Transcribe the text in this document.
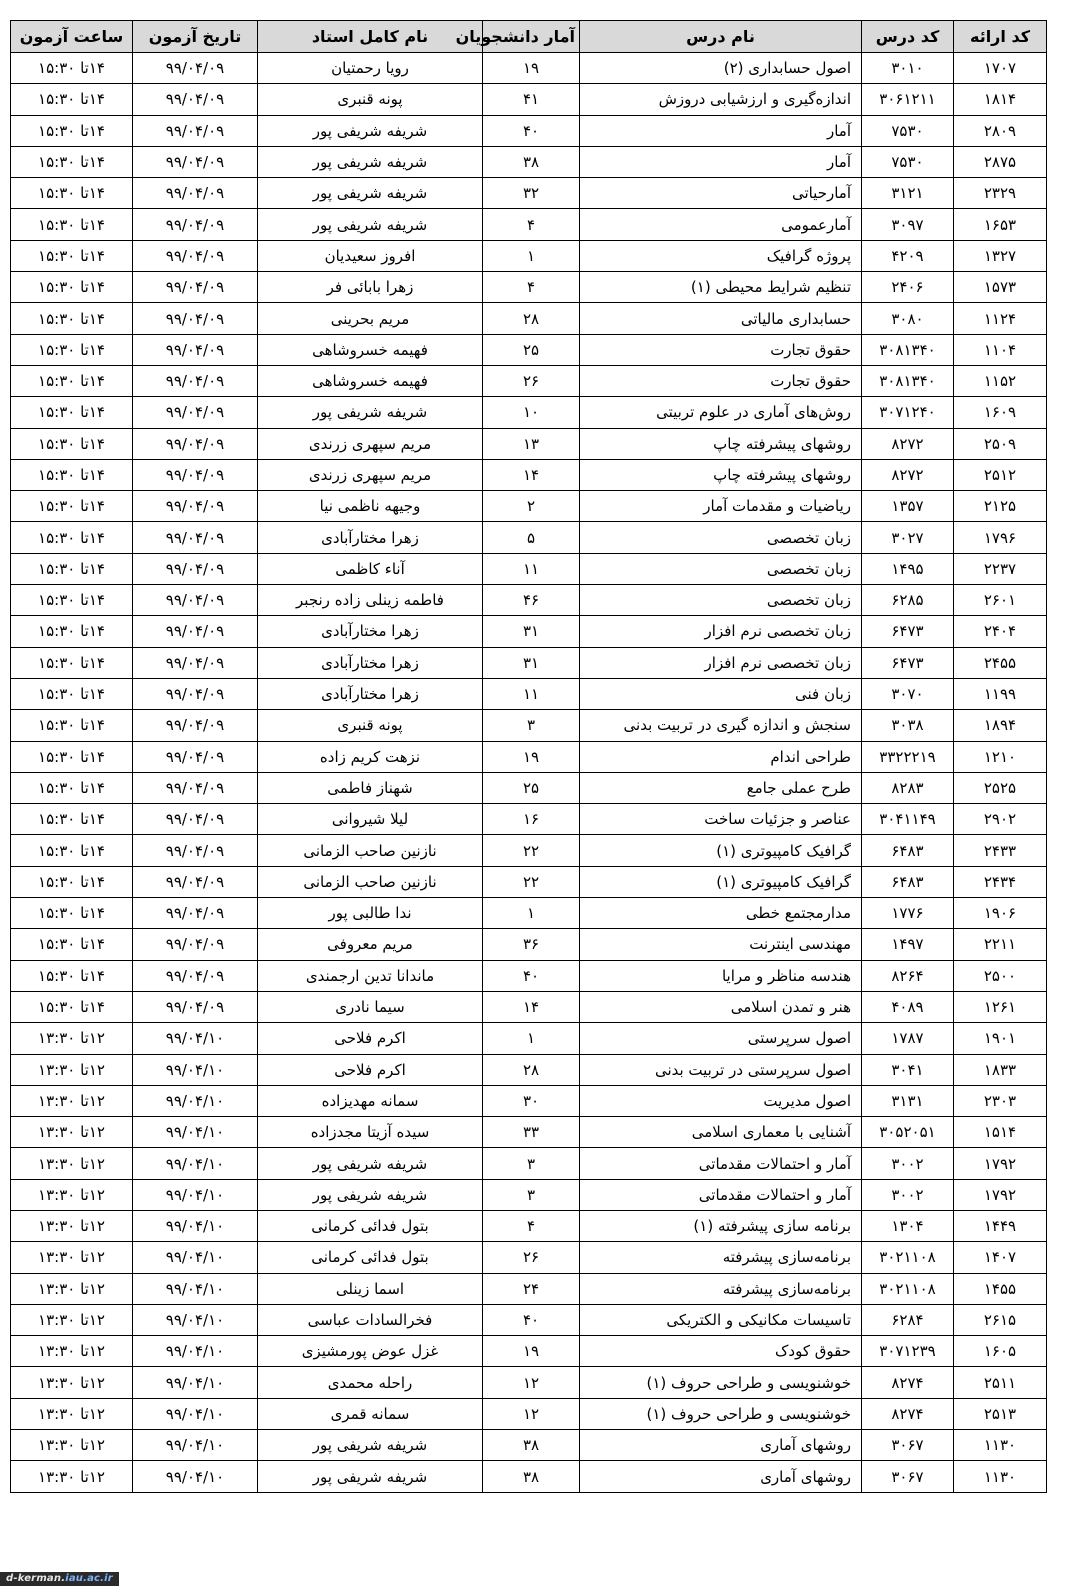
کد ارائه	کد درس	نام درس	آمار دانشجویان	نام کامل استاد	تاریخ آزمون	ساعت آزمون
۱۷۰۷	۳۰۱۰	اصول حسابداری (۲)	۱۹	رویا رحمتیان	۹۹/۰۴/۰۹	۱۴تا ۱۵:۳۰
۱۸۱۴	۳۰۶۱۲۱۱	اندازه‌گیری و ارزشیابی دروزش	۴۱	پونه قنبری	۹۹/۰۴/۰۹	۱۴تا ۱۵:۳۰
۲۸۰۹	۷۵۳۰	آمار	۴۰	شریفه شریفی پور	۹۹/۰۴/۰۹	۱۴تا ۱۵:۳۰
۲۸۷۵	۷۵۳۰	آمار	۳۸	شریفه شریفی پور	۹۹/۰۴/۰۹	۱۴تا ۱۵:۳۰
۲۳۲۹	۳۱۲۱	آمارحیاتی	۳۲	شریفه شریفی پور	۹۹/۰۴/۰۹	۱۴تا ۱۵:۳۰
۱۶۵۳	۳۰۹۷	آمارعمومی	۴	شریفه شریفی پور	۹۹/۰۴/۰۹	۱۴تا ۱۵:۳۰
۱۳۲۷	۴۲۰۹	پروژه گرافیک	۱	افروز سعیدیان	۹۹/۰۴/۰۹	۱۴تا ۱۵:۳۰
۱۵۷۳	۲۴۰۶	تنظیم شرایط محیطی (۱)	۴	زهرا بابائی فر	۹۹/۰۴/۰۹	۱۴تا ۱۵:۳۰
۱۱۲۴	۳۰۸۰	حسابداری مالیاتی	۲۸	مریم بحرینی	۹۹/۰۴/۰۹	۱۴تا ۱۵:۳۰
۱۱۰۴	۳۰۸۱۳۴۰	حقوق تجارت	۲۵	فهیمه خسروشاهی	۹۹/۰۴/۰۹	۱۴تا ۱۵:۳۰
۱۱۵۲	۳۰۸۱۳۴۰	حقوق تجارت	۲۶	فهیمه خسروشاهی	۹۹/۰۴/۰۹	۱۴تا ۱۵:۳۰
۱۶۰۹	۳۰۷۱۲۴۰	روش‌های آماری در علوم تربیتی	۱۰	شریفه شریفی پور	۹۹/۰۴/۰۹	۱۴تا ۱۵:۳۰
۲۵۰۹	۸۲۷۲	روشهای پیشرفته چاپ	۱۳	مریم سپهری زرندی	۹۹/۰۴/۰۹	۱۴تا ۱۵:۳۰
۲۵۱۲	۸۲۷۲	روشهای پیشرفته چاپ	۱۴	مریم سپهری زرندی	۹۹/۰۴/۰۹	۱۴تا ۱۵:۳۰
۲۱۲۵	۱۳۵۷	ریاضیات و مقدمات آمار	۲	وجیهه ناظمی نیا	۹۹/۰۴/۰۹	۱۴تا ۱۵:۳۰
۱۷۹۶	۳۰۲۷	زبان تخصصی	۵	زهرا مختارآبادی	۹۹/۰۴/۰۹	۱۴تا ۱۵:۳۰
۲۲۳۷	۱۴۹۵	زبان تخصصی	۱۱	آناء کاظمی	۹۹/۰۴/۰۹	۱۴تا ۱۵:۳۰
۲۶۰۱	۶۲۸۵	زبان تخصصی	۴۶	فاطمه زینلی زاده رنجبر	۹۹/۰۴/۰۹	۱۴تا ۱۵:۳۰
۲۴۰۴	۶۴۷۳	زبان تخصصی نرم افزار	۳۱	زهرا مختارآبادی	۹۹/۰۴/۰۹	۱۴تا ۱۵:۳۰
۲۴۵۵	۶۴۷۳	زبان تخصصی نرم افزار	۳۱	زهرا مختارآبادی	۹۹/۰۴/۰۹	۱۴تا ۱۵:۳۰
۱۱۹۹	۳۰۷۰	زبان فنی	۱۱	زهرا مختارآبادی	۹۹/۰۴/۰۹	۱۴تا ۱۵:۳۰
۱۸۹۴	۳۰۳۸	سنجش و اندازه گیری در تربیت بدنی	۳	پونه قنبری	۹۹/۰۴/۰۹	۱۴تا ۱۵:۳۰
۱۲۱۰	۳۳۲۲۲۱۹	طراحی اندام	۱۹	نزهت کریم زاده	۹۹/۰۴/۰۹	۱۴تا ۱۵:۳۰
۲۵۲۵	۸۲۸۳	طرح عملی جامع	۲۵	شهناز فاطمی	۹۹/۰۴/۰۹	۱۴تا ۱۵:۳۰
۲۹۰۲	۳۰۴۱۱۴۹	عناصر و جزئیات ساخت	۱۶	لیلا شیروانی	۹۹/۰۴/۰۹	۱۴تا ۱۵:۳۰
۲۴۳۳	۶۴۸۳	گرافیک کامپیوتری (۱)	۲۲	نازنین صاحب الزمانی	۹۹/۰۴/۰۹	۱۴تا ۱۵:۳۰
۲۴۳۴	۶۴۸۳	گرافیک کامپیوتری (۱)	۲۲	نازنین صاحب الزمانی	۹۹/۰۴/۰۹	۱۴تا ۱۵:۳۰
۱۹۰۶	۱۷۷۶	مدارمجتمع خطی	۱	ندا طالبی پور	۹۹/۰۴/۰۹	۱۴تا ۱۵:۳۰
۲۲۱۱	۱۴۹۷	مهندسی اینترنت	۳۶	مریم معروفی	۹۹/۰۴/۰۹	۱۴تا ۱۵:۳۰
۲۵۰۰	۸۲۶۴	هندسه مناظر و مرایا	۴۰	ماندانا تدین ارجمندی	۹۹/۰۴/۰۹	۱۴تا ۱۵:۳۰
۱۲۶۱	۴۰۸۹	هنر و تمدن اسلامی	۱۴	سیما نادری	۹۹/۰۴/۰۹	۱۴تا ۱۵:۳۰
۱۹۰۱	۱۷۸۷	اصول سرپرستی	۱	اکرم فلاحی	۹۹/۰۴/۱۰	۱۲تا ۱۳:۳۰
۱۸۳۳	۳۰۴۱	اصول سرپرستی در تربیت بدنی	۲۸	اکرم فلاحی	۹۹/۰۴/۱۰	۱۲تا ۱۳:۳۰
۲۳۰۳	۳۱۳۱	اصول مدیریت	۳۰	سمانه مهدیزاده	۹۹/۰۴/۱۰	۱۲تا ۱۳:۳۰
۱۵۱۴	۳۰۵۲۰۵۱	آشنایی با معماری اسلامی	۳۳	سیده آزیتا مجدزاده	۹۹/۰۴/۱۰	۱۲تا ۱۳:۳۰
۱۷۹۲	۳۰۰۲	آمار و احتمالات مقدماتی	۳	شریفه شریفی پور	۹۹/۰۴/۱۰	۱۲تا ۱۳:۳۰
۱۷۹۲	۳۰۰۲	آمار و احتمالات مقدماتی	۳	شریفه شریفی پور	۹۹/۰۴/۱۰	۱۲تا ۱۳:۳۰
۱۴۴۹	۱۳۰۴	برنامه سازی پیشرفته (۱)	۴	بتول فدائی کرمانی	۹۹/۰۴/۱۰	۱۲تا ۱۳:۳۰
۱۴۰۷	۳۰۲۱۱۰۸	برنامه‌سازی پیشرفته	۲۶	بتول فدائی کرمانی	۹۹/۰۴/۱۰	۱۲تا ۱۳:۳۰
۱۴۵۵	۳۰۲۱۱۰۸	برنامه‌سازی پیشرفته	۲۴	اسما زینلی	۹۹/۰۴/۱۰	۱۲تا ۱۳:۳۰
۲۶۱۵	۶۲۸۴	تاسیسات مکانیکی و الکتریکی	۴۰	فخرالسادات عباسی	۹۹/۰۴/۱۰	۱۲تا ۱۳:۳۰
۱۶۰۵	۳۰۷۱۲۳۹	حقوق کودک	۱۹	غزل عوض پورمشیزی	۹۹/۰۴/۱۰	۱۲تا ۱۳:۳۰
۲۵۱۱	۸۲۷۴	خوشنویسی و طراحی حروف (۱)	۱۲	راحله محمدی	۹۹/۰۴/۱۰	۱۲تا ۱۳:۳۰
۲۵۱۳	۸۲۷۴	خوشنویسی و طراحی حروف (۱)	۱۲	سمانه قمری	۹۹/۰۴/۱۰	۱۲تا ۱۳:۳۰
۱۱۳۰	۳۰۶۷	روشهای آماری	۳۸	شریفه شریفی پور	۹۹/۰۴/۱۰	۱۲تا ۱۳:۳۰
۱۱۳۰	۳۰۶۷	روشهای آماری	۳۸	شریفه شریفی پور	۹۹/۰۴/۱۰	۱۲تا ۱۳:۳۰
d-kerman.iau.ac.ir
